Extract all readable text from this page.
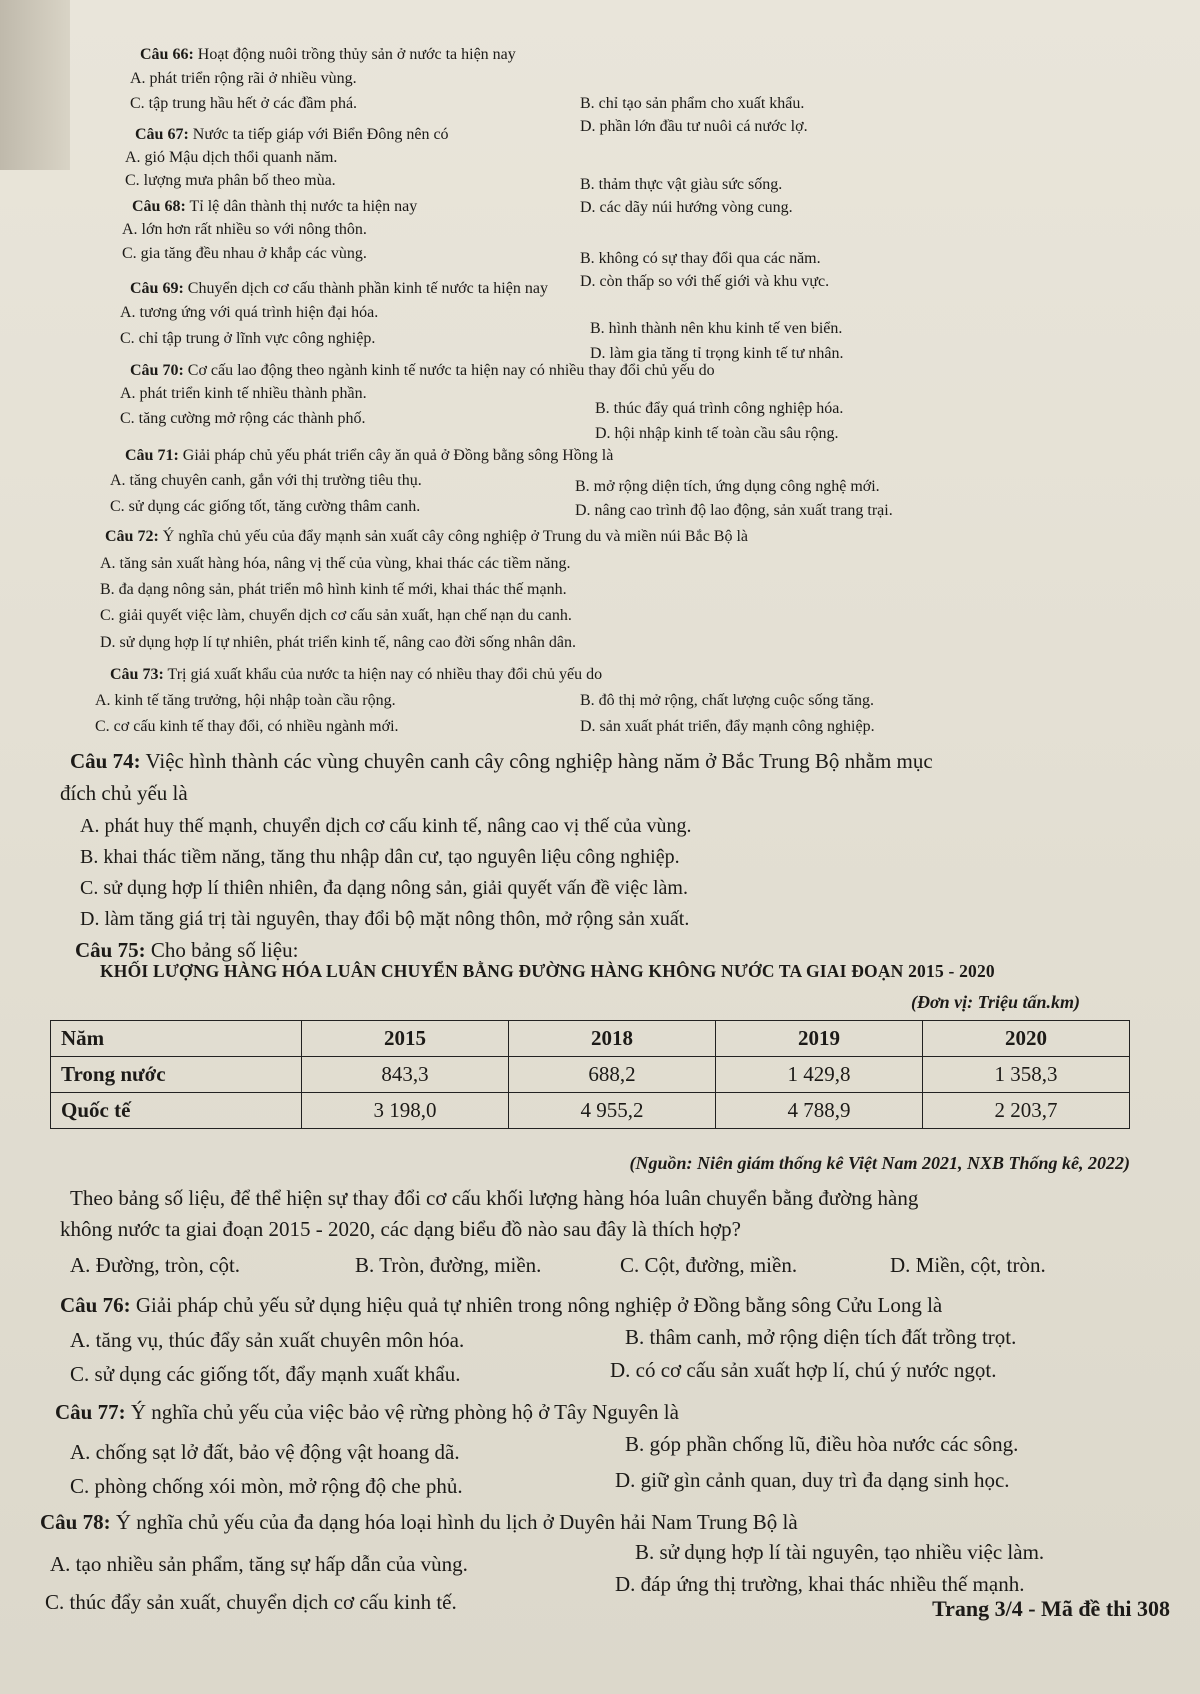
Câu 66: Hoạt động nuôi trồng thủy sản ở nước ta hiện nay
A. phát triển rộng rãi ở nhiều vùng.
C. tập trung hầu hết ở các đầm phá.	B. chỉ tạo sản phẩm cho xuất khẩu.
D. phần lớn đầu tư nuôi cá nước lợ.
Câu 67: Nước ta tiếp giáp với Biển Đông nên có
A. gió Mậu dịch thổi quanh năm.
C. lượng mưa phân bố theo mùa.	B. thảm thực vật giàu sức sống.
D. các dãy núi hướng vòng cung.
Câu 68: Tỉ lệ dân thành thị nước ta hiện nay
A. lớn hơn rất nhiều so với nông thôn.
C. gia tăng đều nhau ở khắp các vùng.	B. không có sự thay đổi qua các năm.
D. còn thấp so với thế giới và khu vực.
Câu 69: Chuyển dịch cơ cấu thành phần kinh tế nước ta hiện nay
A. tương ứng với quá trình hiện đại hóa.
C. chỉ tập trung ở lĩnh vực công nghiệp.
B. hình thành nên khu kinh tế ven biển.
D. làm gia tăng tỉ trọng kinh tế tư nhân.
Câu 70: Cơ cấu lao động theo ngành kinh tế nước ta hiện nay có nhiều thay đổi chủ yếu do
A. phát triển kinh tế nhiều thành phần.
C. tăng cường mở rộng các thành phố.
B. thúc đẩy quá trình công nghiệp hóa.
D. hội nhập kinh tế toàn cầu sâu rộng.
Câu 71: Giải pháp chủ yếu phát triển cây ăn quả ở Đồng bằng sông Hồng là
A. tăng chuyên canh, gắn với thị trường tiêu thụ.	B. mở rộng diện tích, ứng dụng công nghệ mới.
C. sử dụng các giống tốt, tăng cường thâm canh.	D. nâng cao trình độ lao động, sản xuất trang trại.
Câu 72: Ý nghĩa chủ yếu của đẩy mạnh sản xuất cây công nghiệp ở Trung du và miền núi Bắc Bộ là
A. tăng sản xuất hàng hóa, nâng vị thế của vùng, khai thác các tiềm năng.
B. đa dạng nông sản, phát triển mô hình kinh tế mới, khai thác thế mạnh.
C. giải quyết việc làm, chuyển dịch cơ cấu sản xuất, hạn chế nạn du canh.
D. sử dụng hợp lí tự nhiên, phát triển kinh tế, nâng cao đời sống nhân dân.
Câu 73: Trị giá xuất khẩu của nước ta hiện nay có nhiều thay đổi chủ yếu do
A. kinh tế tăng trưởng, hội nhập toàn cầu rộng.	B. đô thị mở rộng, chất lượng cuộc sống tăng.
C. cơ cấu kinh tế thay đổi, có nhiều ngành mới.	D. sản xuất phát triển, đẩy mạnh công nghiệp.
Câu 74: Việc hình thành các vùng chuyên canh cây công nghiệp hàng năm ở Bắc Trung Bộ nhằm mục
đích chủ yếu là
A. phát huy thế mạnh, chuyển dịch cơ cấu kinh tế, nâng cao vị thế của vùng.
B. khai thác tiềm năng, tăng thu nhập dân cư, tạo nguyên liệu công nghiệp.
C. sử dụng hợp lí thiên nhiên, đa dạng nông sản, giải quyết vấn đề việc làm.
D. làm tăng giá trị tài nguyên, thay đổi bộ mặt nông thôn, mở rộng sản xuất.
Câu 75: Cho bảng số liệu:
KHỐI LƯỢNG HÀNG HÓA LUÂN CHUYỂN BẰNG ĐƯỜNG HÀNG KHÔNG NƯỚC TA GIAI ĐOẠN 2015 - 2020
(Đơn vị: Triệu tấn.km)
Năm	2015	2018	2019	2020
Trong nước	843,3	688,2	1 429,8	1 358,3
Quốc tế	3 198,0	4 955,2	4 788,9	2 203,7
(Nguồn: Niên giám thống kê Việt Nam 2021, NXB Thống kê, 2022)
Theo bảng số liệu, để thể hiện sự thay đổi cơ cấu khối lượng hàng hóa luân chuyển bằng đường hàng
không nước ta giai đoạn 2015 - 2020, các dạng biểu đồ nào sau đây là thích hợp?
A. Đường, tròn, cột.	B. Tròn, đường, miền.	C. Cột, đường, miền.	D. Miền, cột, tròn.
Câu 76: Giải pháp chủ yếu sử dụng hiệu quả tự nhiên trong nông nghiệp ở Đồng bằng sông Cửu Long là
A. tăng vụ, thúc đẩy sản xuất chuyên môn hóa.	B. thâm canh, mở rộng diện tích đất trồng trọt.
C. sử dụng các giống tốt, đẩy mạnh xuất khẩu.	D. có cơ cấu sản xuất hợp lí, chú ý nước ngọt.
Câu 77: Ý nghĩa chủ yếu của việc bảo vệ rừng phòng hộ ở Tây Nguyên là
A. chống sạt lở đất, bảo vệ động vật hoang dã.	B. góp phần chống lũ, điều hòa nước các sông.
C. phòng chống xói mòn, mở rộng độ che phủ.	D. giữ gìn cảnh quan, duy trì đa dạng sinh học.
Câu 78: Ý nghĩa chủ yếu của đa dạng hóa loại hình du lịch ở Duyên hải Nam Trung Bộ là
A. tạo nhiều sản phẩm, tăng sự hấp dẫn của vùng.	B. sử dụng hợp lí tài nguyên, tạo nhiều việc làm.
C. thúc đẩy sản xuất, chuyển dịch cơ cấu kinh tế.
D. đáp ứng thị trường, khai thác nhiều thế mạnh.
Trang 3/4 - Mã đề thi 308
